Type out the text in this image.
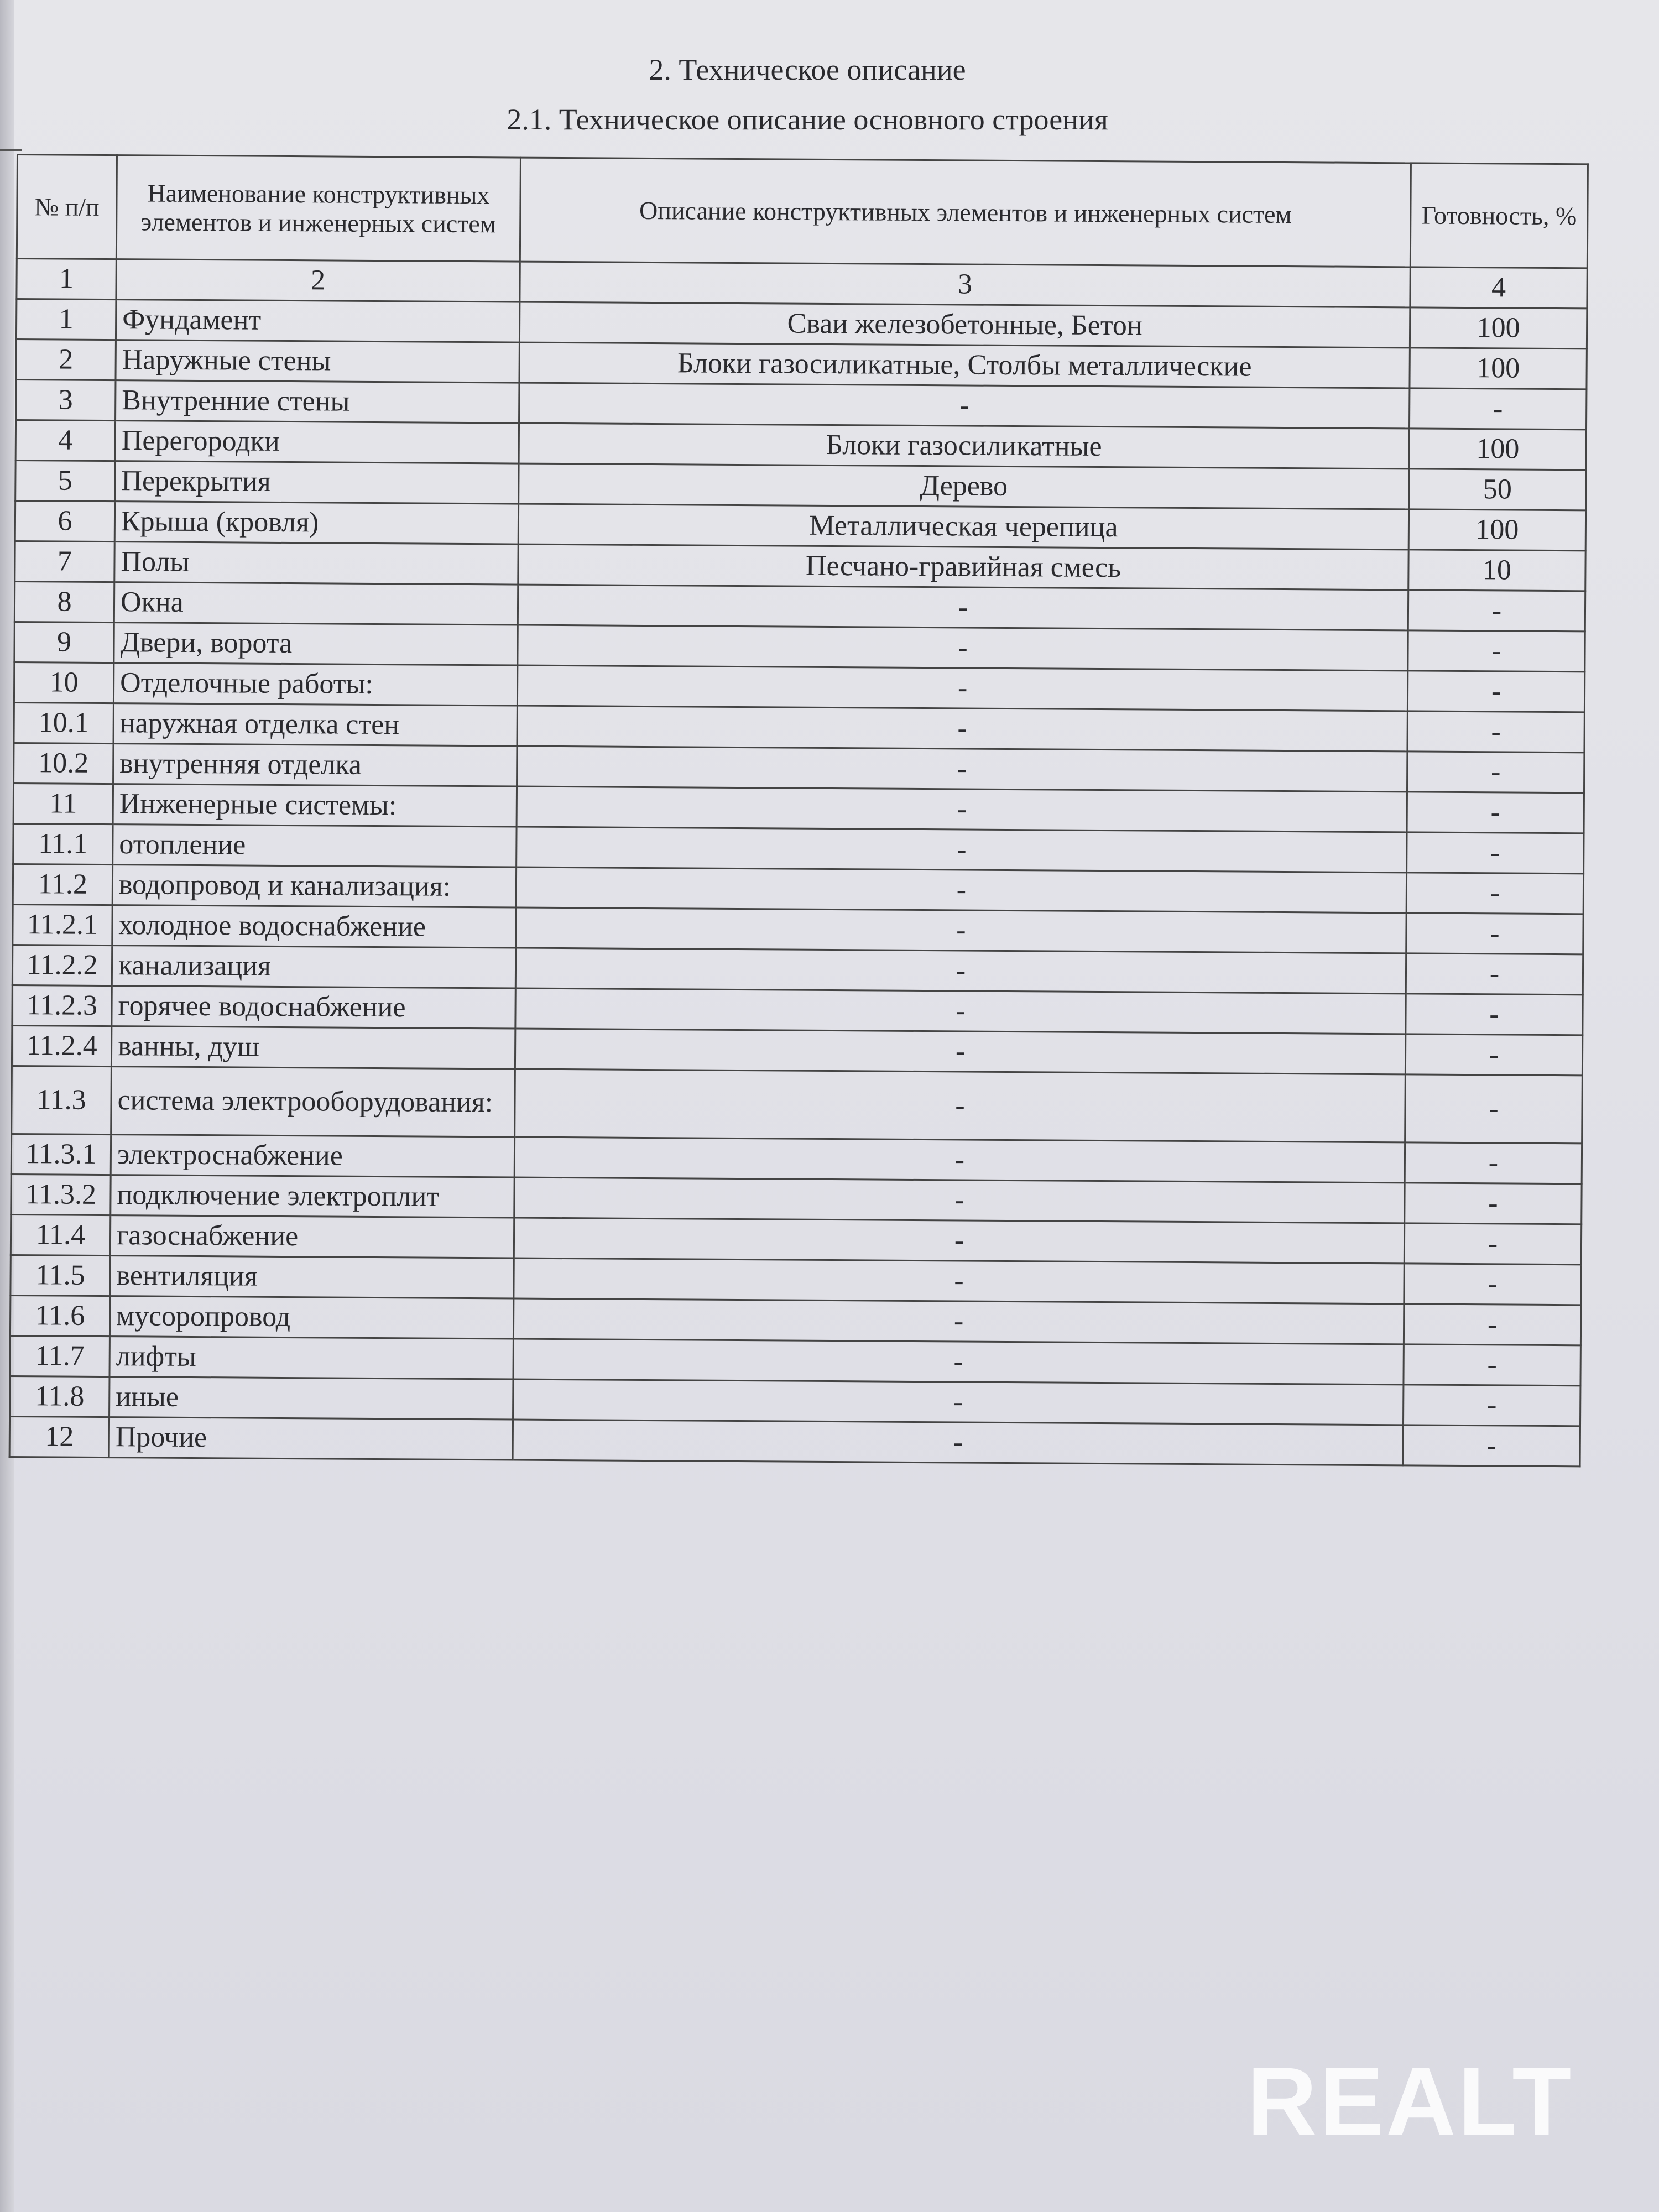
2. Техническое описание
2.1. Техническое описание основного строения
№ п/п	Наименование конструктивных элементов и инженерных систем	Описание конструктивных элементов и инженерных систем	Готовность, %
1	2	3	4
1	Фундамент	Сваи железобетонные, Бетон	100
2	Наружные стены	Блоки газосиликатные, Столбы металлические	100
3	Внутренние стены	-	-
4	Перегородки	Блоки газосиликатные	100
5	Перекрытия	Дерево	50
6	Крыша (кровля)	Металлическая черепица	100
7	Полы	Песчано-гравийная смесь	10
8	Окна	-	-
9	Двери, ворота	-	-
10	Отделочные работы:	-	-
10.1	наружная отделка стен	-	-
10.2	внутренняя отделка	-	-
11	Инженерные системы:	-	-
11.1	отопление	-	-
11.2	водопровод и канализация:	-	-
11.2.1	холодное водоснабжение	-	-
11.2.2	канализация	-	-
11.2.3	горячее водоснабжение	-	-
11.2.4	ванны, душ	-	-
11.3	система электрооборудования:	-	-
11.3.1	электроснабжение	-	-
11.3.2	подключение электроплит	-	-
11.4	газоснабжение	-	-
11.5	вентиляция	-	-
11.6	мусоропровод	-	-
11.7	лифты	-	-
11.8	иные	-	-
12	Прочие	-	-
REALT
